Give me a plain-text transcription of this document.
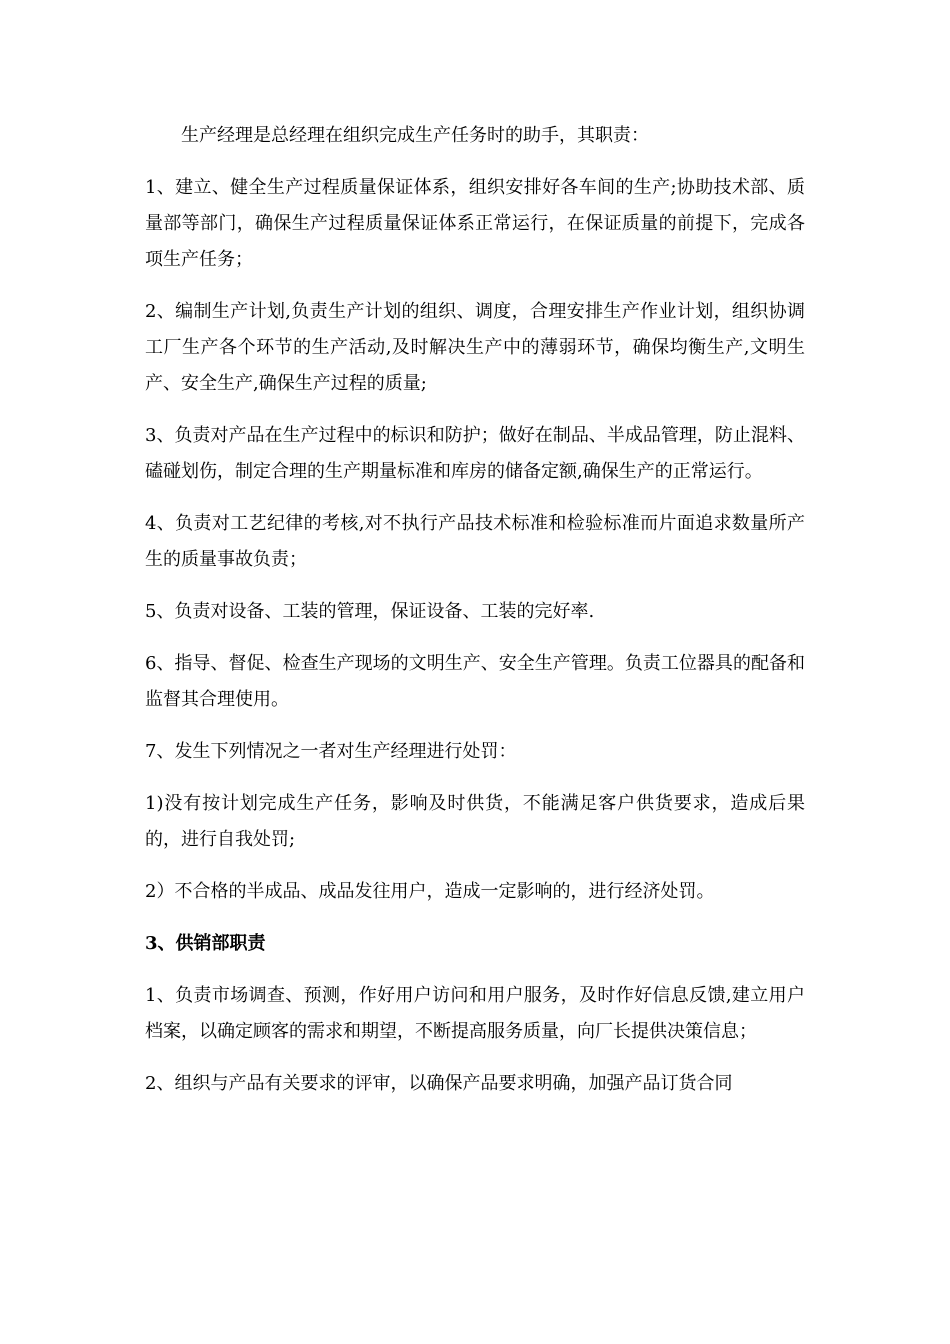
生产经理是总经理在组织完成生产任务时的助手，其职责：

1、建立、健全生产过程质量保证体系，组织安排好各车间的生产;协助技术部、质量部等部门，确保生产过程质量保证体系正常运行，在保证质量的前提下，完成各项生产任务；

2、编制生产计划,负责生产计划的组织、调度，合理安排生产作业计划，组织协调工厂生产各个环节的生产活动,及时解决生产中的薄弱环节，确保均衡生产,文明生产、安全生产,确保生产过程的质量;

3、负责对产品在生产过程中的标识和防护；做好在制品、半成品管理，防止混料、磕碰划伤，制定合理的生产期量标准和库房的储备定额,确保生产的正常运行。

4、负责对工艺纪律的考核,对不执行产品技术标准和检验标准而片面追求数量所产生的质量事故负责；

5、负责对设备、工装的管理，保证设备、工装的完好率.

6、指导、督促、检查生产现场的文明生产、安全生产管理。负责工位器具的配备和监督其合理使用。

7、发生下列情况之一者对生产经理进行处罚：

1)没有按计划完成生产任务，影响及时供货，不能满足客户供货要求，造成后果的，进行自我处罚;

2）不合格的半成品、成品发往用户，造成一定影响的，进行经济处罚。

3、供销部职责

1、负责市场调查、预测，作好用户访问和用户服务，及时作好信息反馈,建立用户档案，以确定顾客的需求和期望，不断提高服务质量，向厂长提供决策信息；

2、组织与产品有关要求的评审，以确保产品要求明确，加强产品订货合同
